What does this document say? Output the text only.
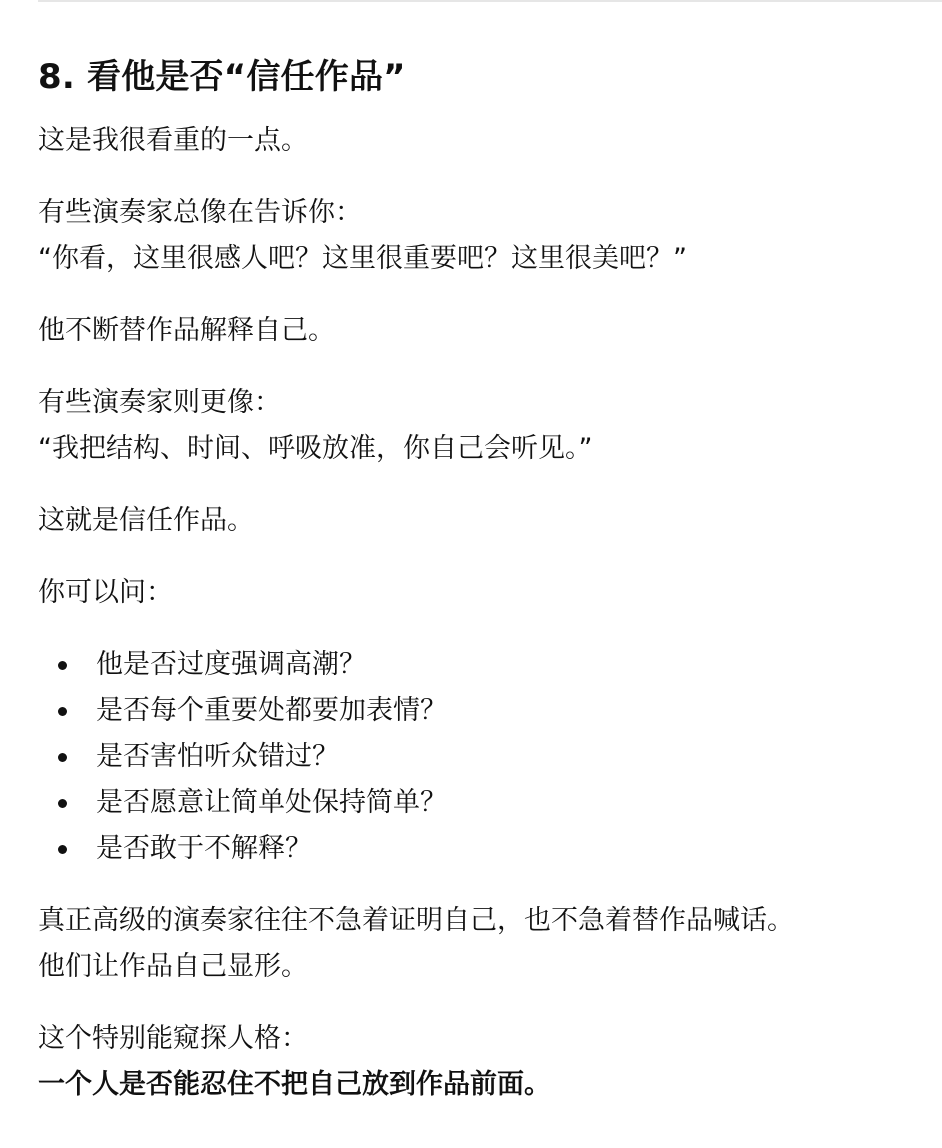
8. 看他是否“信任作品”

这是我很看重的一点。

有些演奏家总像在告诉你：
“你看，这里很感人吧？这里很重要吧？这里很美吧？”

他不断替作品解释自己。

有些演奏家则更像：
“我把结构、时间、呼吸放准，你自己会听见。”

这就是信任作品。

你可以问：

他是否过度强调高潮？
是否每个重要处都要加表情？
是否害怕听众错过？
是否愿意让简单处保持简单？
是否敢于不解释？

真正高级的演奏家往往不急着证明自己，也不急着替作品喊话。
他们让作品自己显形。

这个特别能窥探人格：
一个人是否能忍住不把自己放到作品前面。
